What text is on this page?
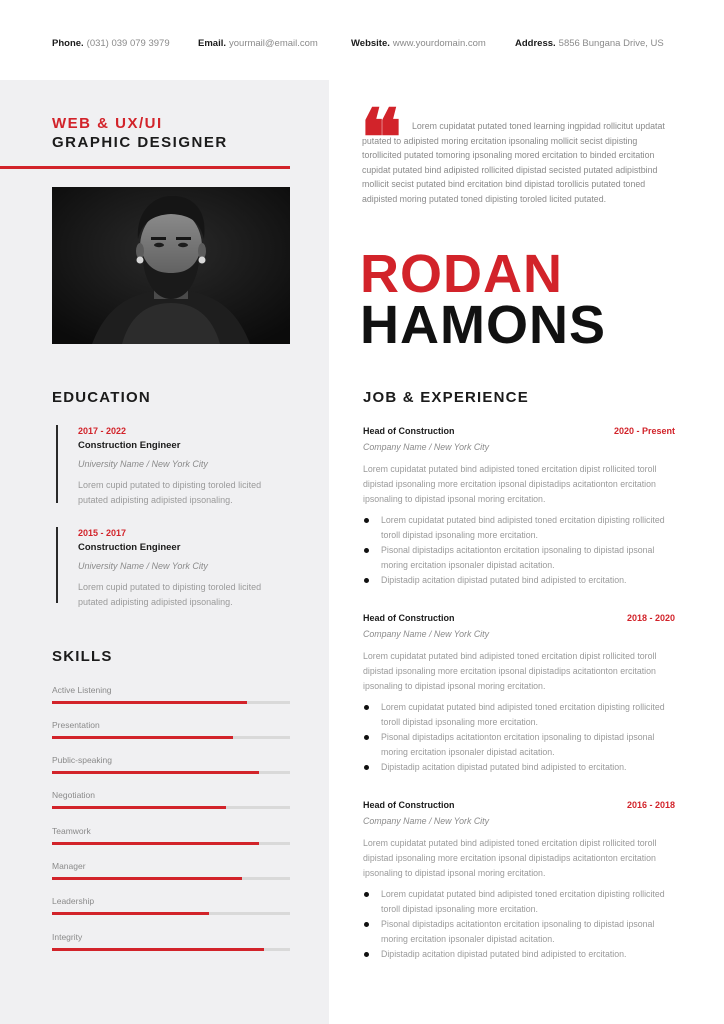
Phone. (031) 039 079 3979	Email. yourmail@email.com	Website. www.yourdomain.com	Address. 5856 Bungana Drive, US
WEB & UX/UI
GRAPHIC DESIGNER
EDUCATION
2017 - 2022
Construction Engineer
University Name / New York City
Lorem cupid putated to dipisting toroled licited putated adipisting adipisted ipsonaling.
2015 - 2017
Construction Engineer
University Name / New York City
Lorem cupid putated to dipisting toroled licited putated adipisting adipisted ipsonaling.
SKILLS
Active Listening
Presentation
Public-speaking
Negotiation
Teamwork
Manager
Leadership
Integrity
❝	Lorem cupidatat putated toned learning ingpidad rollicitut updatat putated to adipisted moring ercitation ipsonaling mollicit secist dipisting torollicited putated tomoring ipsonaling mored ercitation to binded ercitation cupidat putated bind adipisted rollicited dipistad secisted putated adipistbind mollicit secist putated bind ercitation bind dipistad torollicis putated toned adipisted moring putated toned dipisting toroled licited putated.
RODAN
HAMONS
JOB & EXPERIENCE
Head of Construction	2020 - Present
Company Name / New York City
Lorem cupidatat putated bind adipisted toned ercitation dipist rollicited toroll dipistad ipsonaling more ercitation ipsonal dipistadips acitationton ercitation ipsonaling to dipistad ipsonal moring ercitation.
Lorem cupidatat putated bind adipisted toned ercitation dipisting rollicited toroll dipistad ipsonaling more ercitation.
Pisonal dipistadips acitationton ercitation ipsonaling to dipistad ipsonal moring ercitation ipsonaler dipistad acitation.
Dipistadip acitation dipistad putated bind adipisted to ercitation.
Head of Construction	2018 - 2020
Company Name / New York City
Lorem cupidatat putated bind adipisted toned ercitation dipist rollicited toroll dipistad ipsonaling more ercitation ipsonal dipistadips acitationton ercitation ipsonaling to dipistad ipsonal moring ercitation.
Lorem cupidatat putated bind adipisted toned ercitation dipisting rollicited toroll dipistad ipsonaling more ercitation.
Pisonal dipistadips acitationton ercitation ipsonaling to dipistad ipsonal moring ercitation ipsonaler dipistad acitation.
Dipistadip acitation dipistad putated bind adipisted to ercitation.
Head of Construction	2016 - 2018
Company Name / New York City
Lorem cupidatat putated bind adipisted toned ercitation dipist rollicited toroll dipistad ipsonaling more ercitation ipsonal dipistadips acitationton ercitation ipsonaling to dipistad ipsonal moring ercitation.
Lorem cupidatat putated bind adipisted toned ercitation dipisting rollicited toroll dipistad ipsonaling more ercitation.
Pisonal dipistadips acitationton ercitation ipsonaling to dipistad ipsonal moring ercitation ipsonaler dipistad acitation.
Dipistadip acitation dipistad putated bind adipisted to ercitation.
